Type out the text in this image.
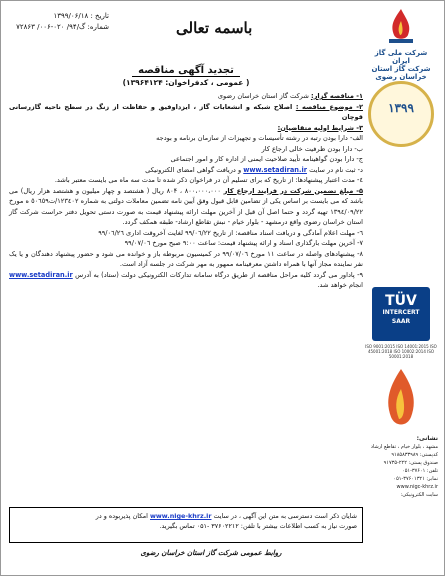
تاریخ : ۱۳۹۹/۰۶/۱۸
شماره: گ/۹۴/ ۰۲۰-۰۰۶/ ۷۲۸۶۳	باسمه تعالی
شرکت ملی گاز ایران
شرکت گاز استان خراسان رضوی
۱۳۹۹
TÜV
INTERCERT
SAAR
ISO 9001:2015 ISO 14001:2015 ISO 45001:2018 ISO 10002:2014 ISO 50001:2018
نشانی:
مشهد ، بلوار خیام ، تقاطع ارشاد
کدپستی: ۹۱۸۵۸۳۳۹۸۹
صندوق پستی: ۲۲۲-۹۱۷۳۵
تلفن: ۳۷۶۰۱-۰۵۱
نمابر: ۳۷۶۰۱۳۲۱-۰۵۱
www.nigc-khrz.ir
سایت الکترونیکی:
تجدید آگهی مناقصه
( عمومی ، کدفراخوان: ۱۳۹۶۴۱۲۴)

۱- مناقصه گزار: شرکت گاز استان خراسان رضوی

۲- موضوع مناقصه : اصلاح شبکه و انشعابات گاز ، ایزداوفیق و حفاظت از زنگ در سطح ناحیه گازرسانی قوچان

۳- شرایط اولیه متقاضیان:

الف- دارا بودن رتبه در رشته تأسیسات و تجهیزات از سازمان برنامه و بودجه

ب- دارا بودن ظرفیت خالی ارجاع کار

ج- دارا بودن گواهینامه تأیید صلاحیت ایمنی از اداره کار و امور اجتماعی

د- ثبت نام در سایت www.setadiran.ir و دریافت گواهی امضای الکترونیکی

٤- مدت اعتبار پیشنهادها: از تاریخ که برای تسلیم آن در فراخوان ذکر شده تا مدت سه ماه می بایست معتبر باشد.

۵- مبلغ تضمین شرکت در فرایند ارجاع کار ۸۰۰،۰۰۰،۰۰۰ ، ۸۰۴ ریال ( هشتصد و چهار میلیون و هشتصد هزار ریال) می باشد که می بایست بر اساس یکی از تضامین قابل قبول وفق آیین نامه تضمین معاملات دولتی به شماره ۱۲۳٤۰۲/ت٥٠٦٥٩ ه مورخ ۱۳۹٤/۰۹/۲۲ تهیه گردد و حتما اصل آن قبل از آخرین مهلت ارائه پیشنهاد قیمت به صورت دستی تحویل دفتر حراست شرکت گاز استان خراسان رضوی واقع درمشهد - بلوار خیام - نبش تقاطع ارشاد- طبقه همکف گردد.

٦- مهلت اعلام آمادگی و دریافت اسناد مناقصه: از تاریخ ۹۹/۰٦/۲۲ لغایت آخروقت اداری ۹۹/۰٦/۲٦

۷- آخرین مهلت بارگذاری اسناد و ارائه پیشنهاد قیمت: ساعت ۹:۰۰ صبح مورخ ۹۹/۰۷/۰٦

۸- پیشنهادهای واصله در ساعت ۱۱ مورخ ۹۹/۰۷/۰٦ در کمیسیون مربوطه باز و خوانده می شود و حضور پیشنهاد دهندگان و یا یک نفر نماینده مجاز آنها با همراه داشتن معرفینامه ممهور به مهر شرکت در جلسه آزاد است.

۹- پاداور می گردد کلیه مراحل مناقصه از طریق درگاه سامانه تدارکات الکترونیکی دولت (ستاد) به آدرس www.setadiran.ir انجام خواهد شد.

شایان ذکر است دسترسی به متن این آگهی ، در سایت www.nige-khrz.ir امکان پذیربوده و در
صورت نیاز به کسب اطلاعات بیشتر با تلفن: ۳۷۶۰۲۲۱۲ -۰۵۱ تماس بگیرید.
روابط عمومی شرکت گاز استان خراسان رضوی
